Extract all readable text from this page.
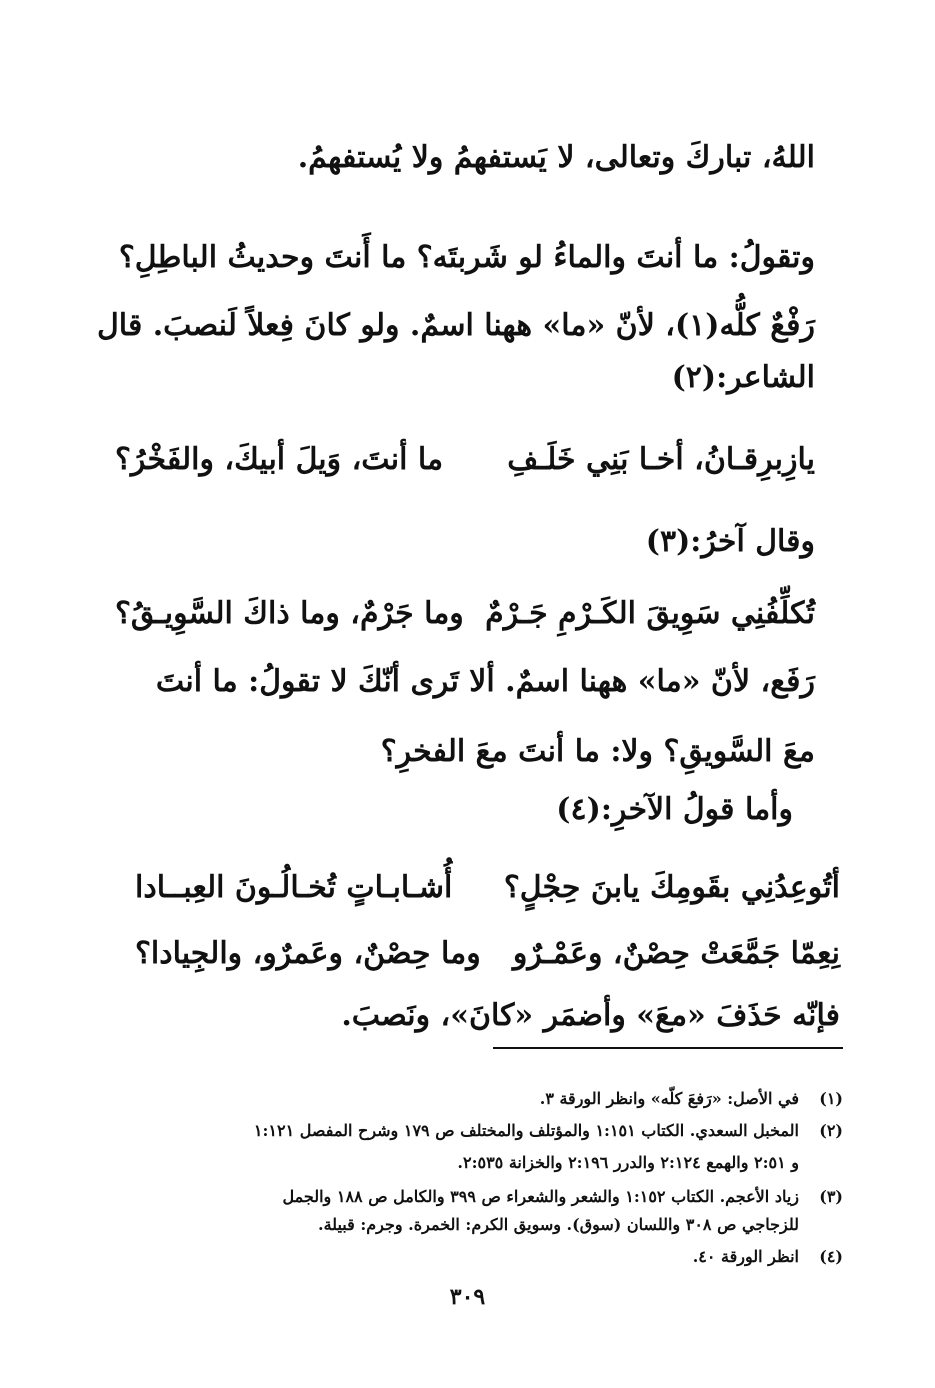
اللهُ، تباركَ وتعالى، لا يَستفهمُ ولا يُستفهمُ.
وتقولُ: ما أنتَ والماءُ لو شَربتَه؟ ما أَنتَ وحديثُ الباطِلِ؟
رَفْعٌ كلُّه(١)، لأنّ «ما» ههنا اسمٌ. ولو كانَ فِعلاً لَنصبَ. قال
الشاعر:(٢)
يازِبرِقـانُ، أخـا بَنِي خَلَـفِ
ما أنتَ، وَيلَ أبيكَ، والفَخْرُ؟
وقال آخرُ:(٣)
تُكلِّفُنِي سَوِيقَ الكَـرْمِ جَـرْمٌ
وما جَرْمٌ، وما ذاكَ السَّوِيـقُ؟
رَفَع، لأنّ «ما» ههنا اسمٌ. ألا تَرى أنّكَ لا تقولُ: ما أنتَ
معَ السَّويقِ؟ ولا: ما أنتَ معَ الفخرِ؟
وأما قولُ الآخرِ:(٤)
أتُوعِدُنِي بقَومِكَ يابنَ حِجْلٍ؟
أُشـابـاتٍ تُخـالُـونَ العِبــادا
نِعِمّا جَمَّعَتْ حِصْنٌ، وعَمْـرٌو
وما حِصْنٌ، وعَمرٌو، والجِيادا؟
فإنّه حَذَفَ «معَ» وأضمَر «كانَ»، ونَصبَ.
(١)في الأصل: «رَفعَ كلّه» وانظر الورقة ٣.
(٢)المخبل السعدي. الكتاب ١:١٥١ والمؤتلف والمختلف ص ١٧٩ وشرح المفصل ١:١٢١
و ٢:٥١ والهمع ٢:١٢٤ والدرر ٢:١٩٦ والخزانة ٢:٥٣٥.
(٣)زياد الأعجم. الكتاب ١:١٥٢ والشعر والشعراء ص ٣٩٩ والكامل ص ١٨٨ والجمل
للزجاجي ص ٣٠٨ واللسان (سوق). وسويق الكرم: الخمرة. وجرم: قبيلة.
(٤)انظر الورقة ٤٠.
٣٠٩
